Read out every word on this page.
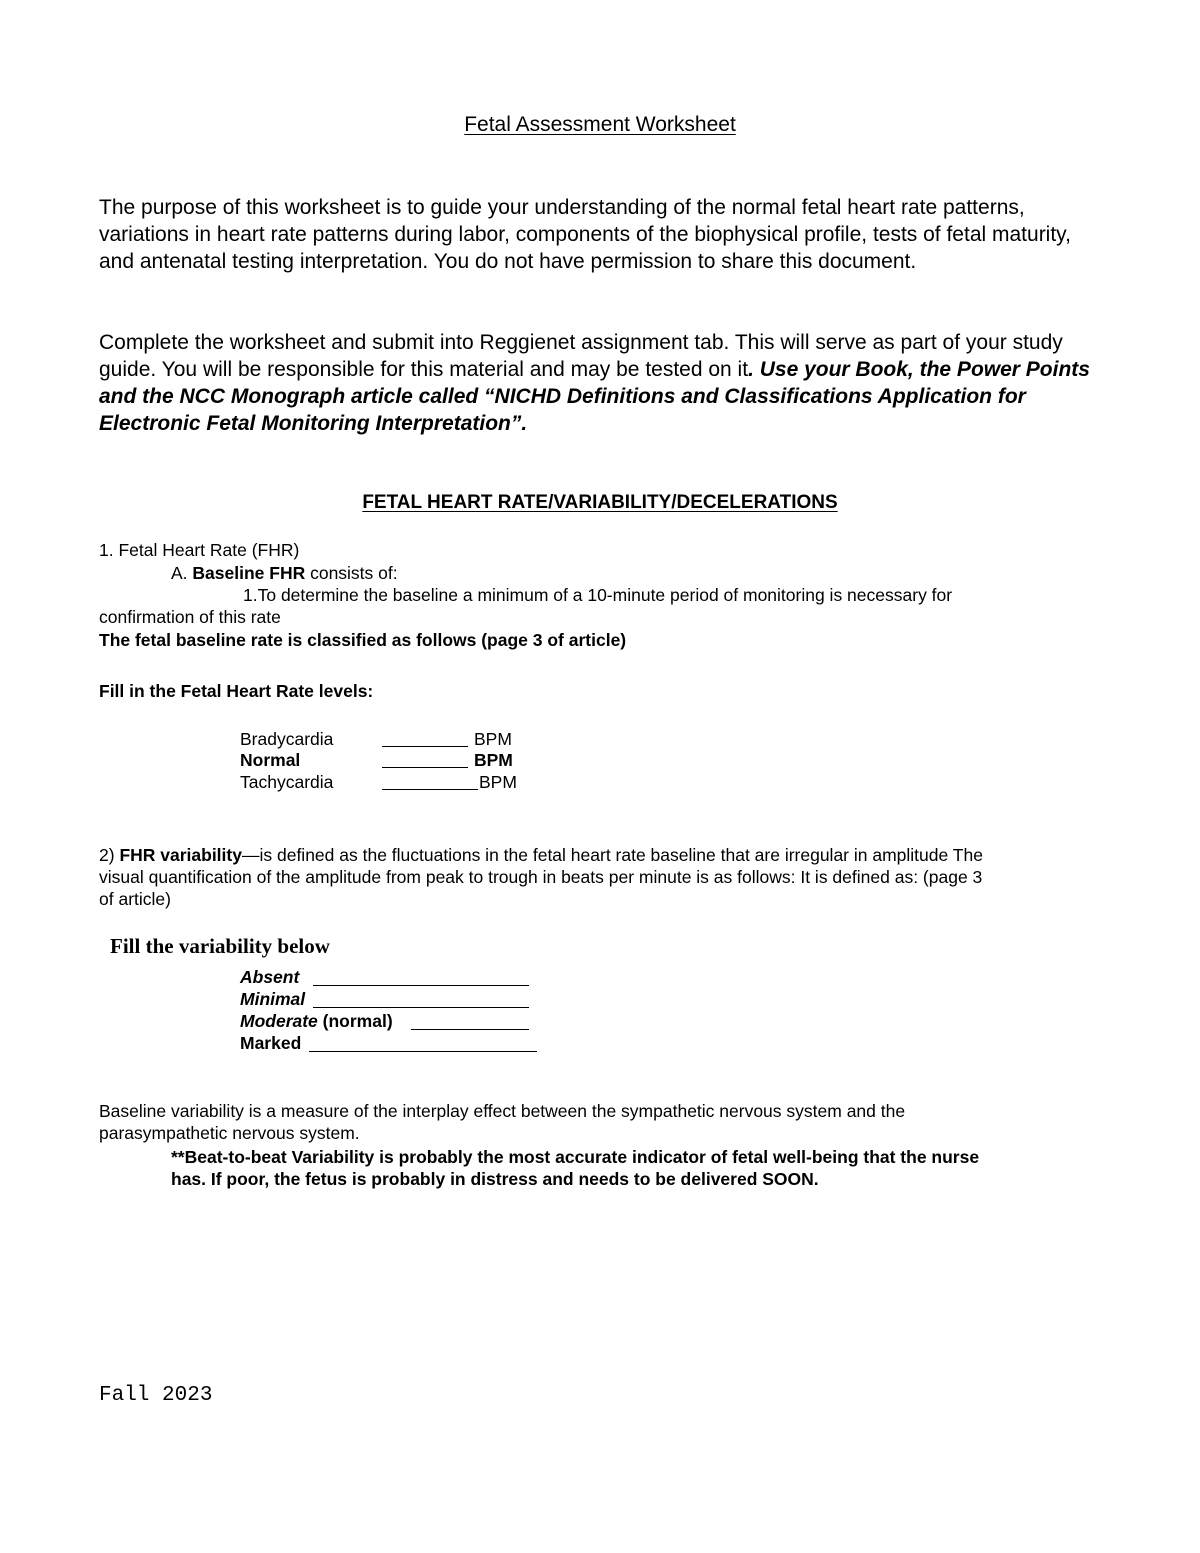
Fetal Assessment Worksheet
The purpose of this worksheet is to guide your understanding of the normal fetal heart rate patterns, variations in heart rate patterns during labor, components of the biophysical profile, tests of fetal maturity, and antenatal testing interpretation. You do not have permission to share this document.
Complete the worksheet and submit into Reggienet assignment tab. This will serve as part of your study guide. You will be responsible for this material and may be tested on it. Use your Book, the Power Points and the NCC Monograph article called “NICHD Definitions and Classifications Application for Electronic Fetal Monitoring Interpretation”.
FETAL HEART RATE/VARIABILITY/DECELERATIONS
1. Fetal Heart Rate (FHR)
A. Baseline FHR consists of:
1.To determine the baseline a minimum of a 10-minute period of monitoring is necessary for
confirmation of this rate
The fetal baseline rate is classified as follows (page 3 of article)
Fill in the Fetal Heart Rate levels:
Bradycardia	BPM
Normal	BPM
Tachycardia	BPM
2) FHR variability—is defined as the fluctuations in the fetal heart rate baseline that are irregular in amplitude The
visual quantification of the amplitude from peak to trough in beats per minute is as follows: It is defined as: (page 3
of article)
Fill the variability below
Absent
Minimal
Moderate (normal)
Marked
Baseline variability is a measure of the interplay effect between the sympathetic nervous system and the
parasympathetic nervous system.
**Beat-to-beat Variability is probably the most accurate indicator of fetal well-being that the nurse
has. If poor, the fetus is probably in distress and needs to be delivered SOON.
Fall 2023
